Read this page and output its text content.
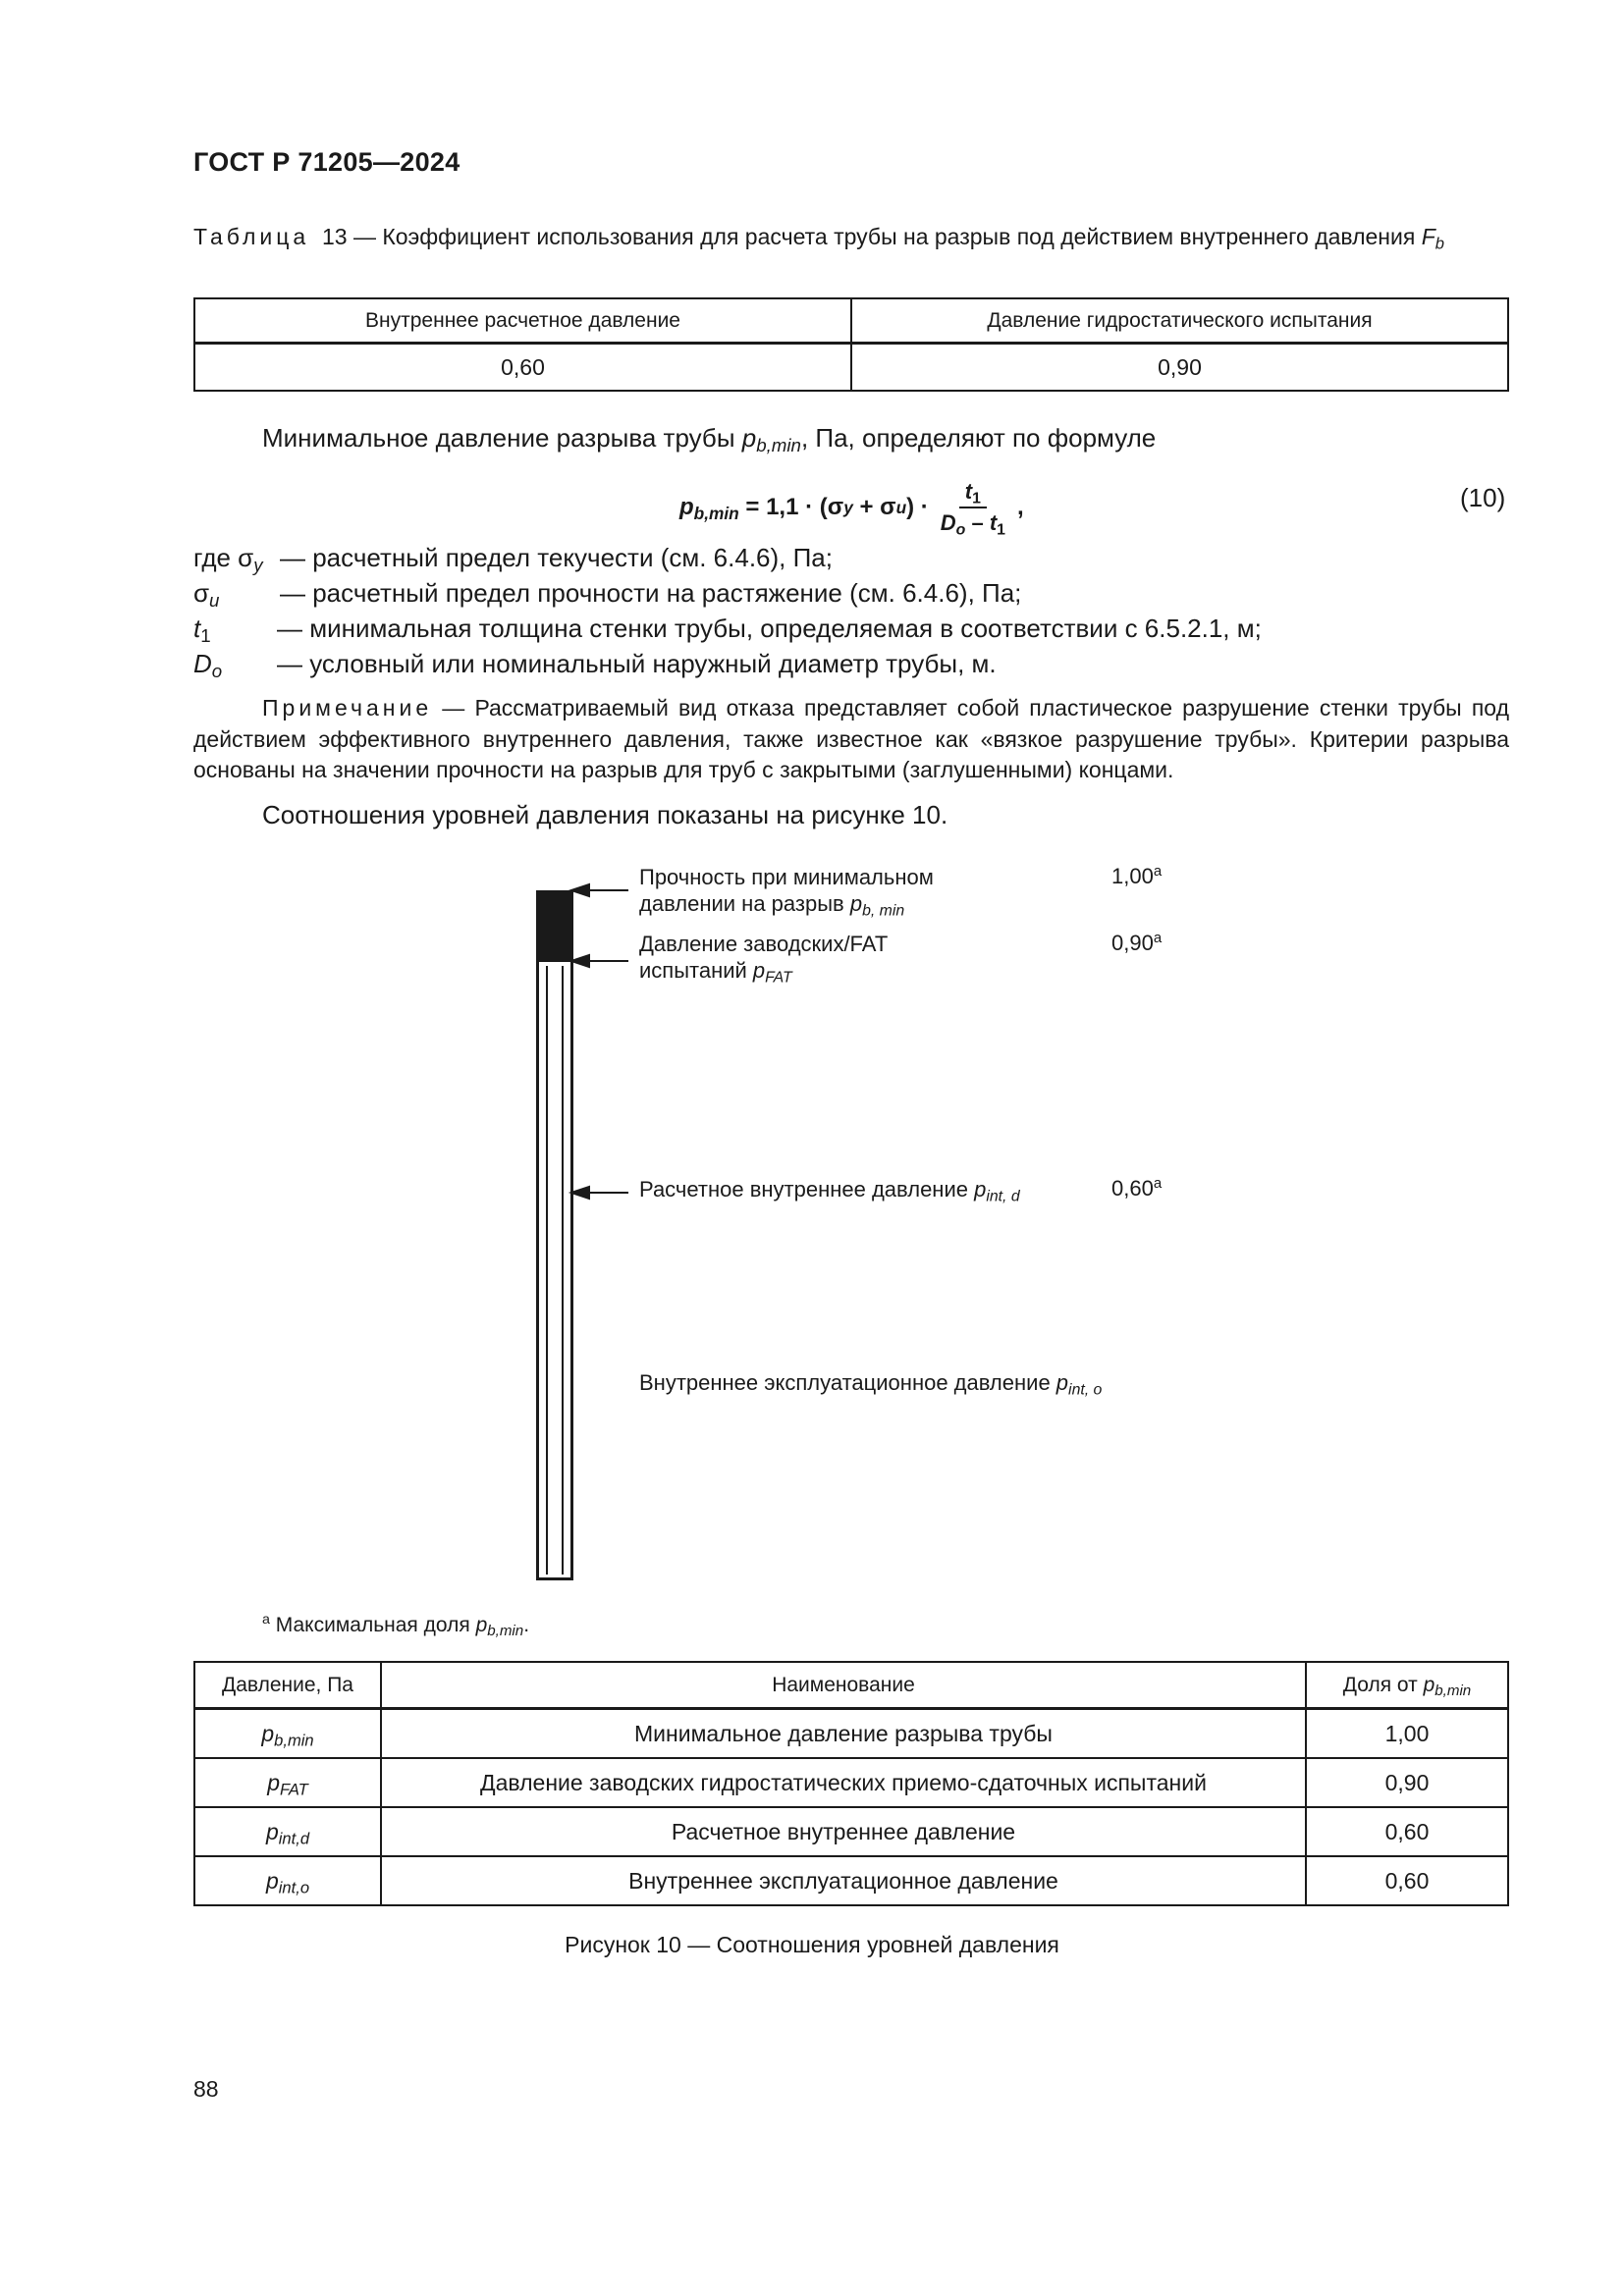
ГОСТ Р 71205—2024
Таблица 13 — Коэффициент использования для расчета трубы на разрыв под действием внутреннего давления $F_b$
Внутреннее расчетное давление	Давление гидростатического испытания
0,60	0,90
Минимальное давление разрыва трубы $p_{b,min}$, Па, определяют по формуле
$p_{b,min} = 1,1$ · ( σ y + σ u ) · $\frac{t_1}{D_o - t_1}$ ,	(10)
где $\sigma_y$ — расчетный предел текучести (см. 6.4.6), Па;
$\sigma_u$ — расчетный предел прочности на растяжение (см. 6.4.6), Па;
$t_1$	— минимальная толщина стенки трубы, определяемая в соответствии с 6.5.2.1, м;
$D_o$ — условный или номинальный наружный диаметр трубы, м.
Примечание — Рассматриваемый вид отказа представляет собой пластическое разрушение стенки трубы под действием эффективного внутреннего давления, также известное как «вязкое разрушение трубы». Критерии разрыва основаны на значении прочности на разрыв для труб с закрытыми (заглушенными) концами.
Соотношения уровней давления показаны на рисунке 10.
Прочность при минимальном
давлении на разрыв $p_{b, min}$
1,00$^a$
Давление заводских/FAT
испытаний $p_{FAT}$
0,90$^a$
Расчетное внутреннее давление $p_{int, d}$	0,60$^a$
Внутреннее эксплуатационное давление $p_{int, o}$
$^a$ Максимальная доля $p_{b,min}$.
Давление, Па	Наименование	Доля от $p_{b,min}$
$p_{b,min}$	Минимальное давление разрыва трубы	1,00
$p_{FAT}$	Давление заводских гидростатических приемо-сдаточных испытаний	0,90
$p_{int,d}$	Расчетное внутреннее давление	0,60
$p_{int,o}$	Внутреннее эксплуатационное давление	0,60
Рисунок 10 — Соотношения уровней давления
88
